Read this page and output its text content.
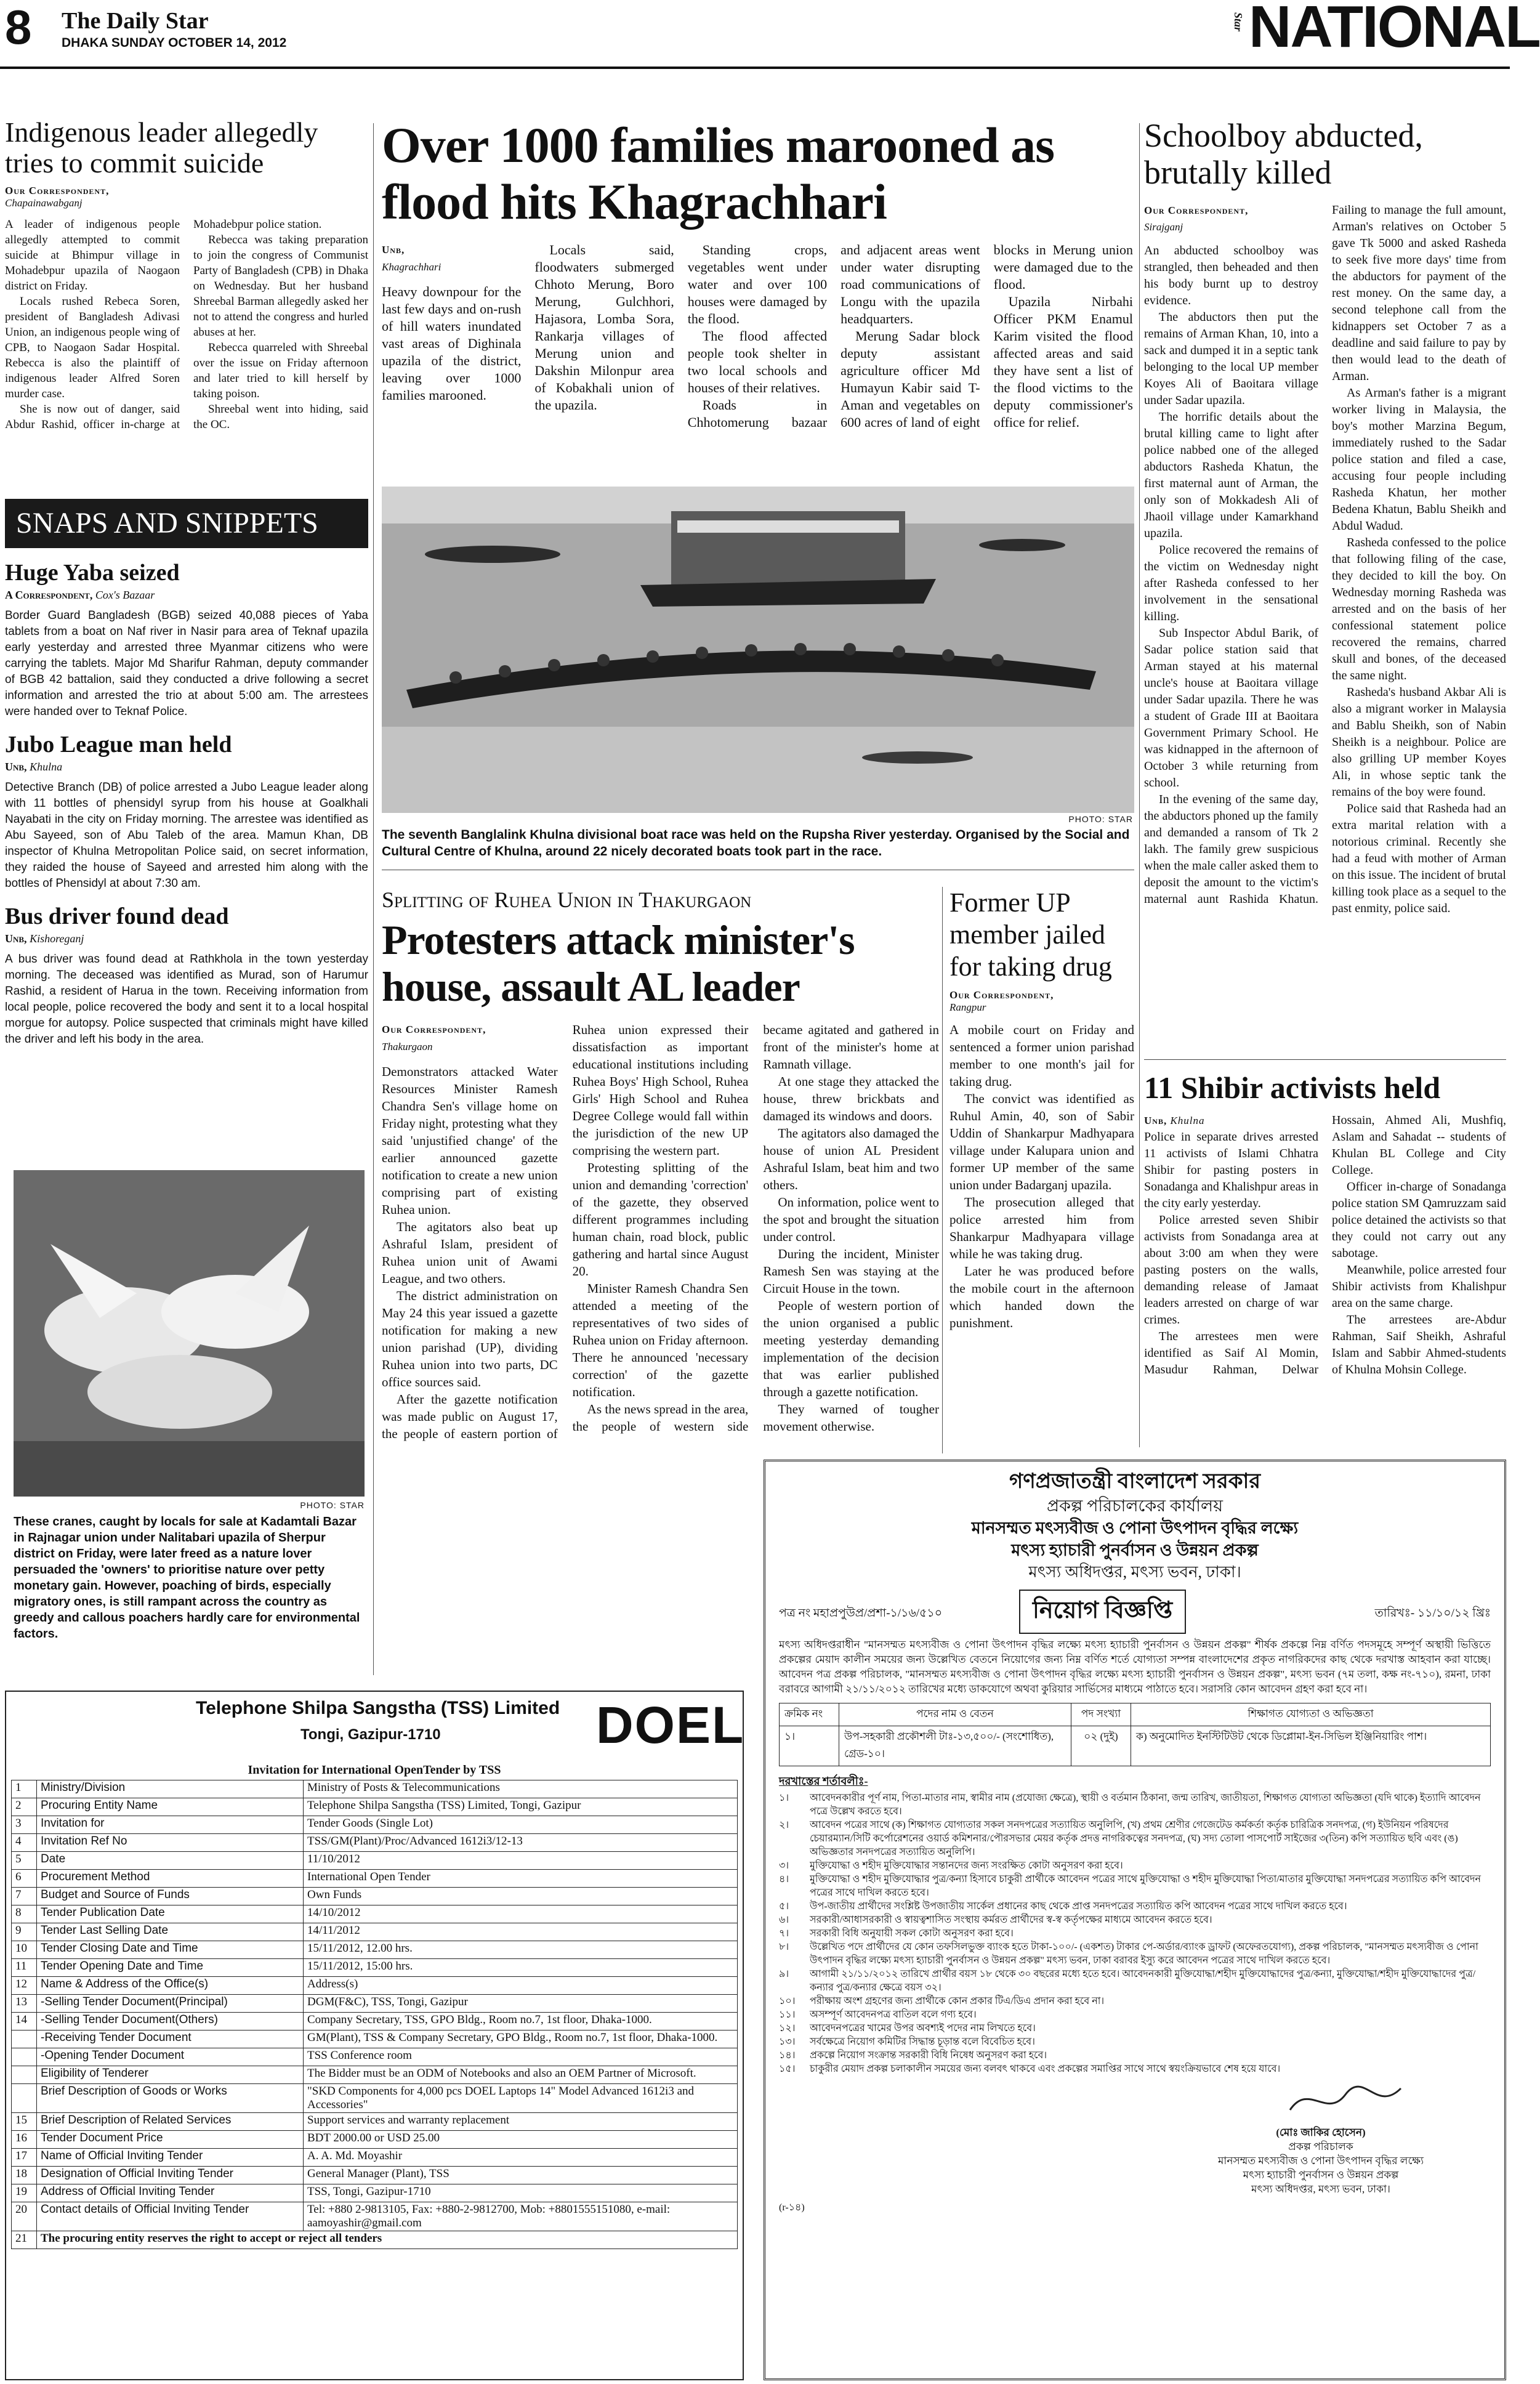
8 The Daily Star
DHAKA SUNDAY OCTOBER 14, 2012
Star NATIONAL
Indigenous leader allegedly tries to commit suicide
Our Correspondent,
Chapainawabganj

A leader of indigenous people allegedly attempted to commit suicide at Bhimpur village in Mohadebpur upazila of Naogaon district on Friday.

Locals rushed Rebeca Soren, president of Bangladesh Adivasi Union, an indigenous people wing of CPB, to Naogaon Sadar Hospital. Rebecca is also the plaintiff of indigenous leader Alfred Soren murder case.

She is now out of danger, said Abdur Rashid, officer in-charge at Mohadebpur police station.

Rebecca was taking preparation to join the congress of Communist Party of Bangladesh (CPB) in Dhaka on Wednesday. But her husband Shreebal Barman allegedly asked her not to attend the congress and hurled abuses at her.

Rebecca quarreled with Shreebal over the issue on Friday afternoon and later tried to kill herself by taking poison.

Shreebal went into hiding, said the OC.

Over 1000 families marooned as flood hits Khagrachhari
Unb,
Khagrachhari

Heavy downpour for the last few days and on-rush of hill waters inundated vast areas of Dighinala upazila of the district, leaving over 1000 families marooned.

Locals said, floodwaters submerged Chhoto Merung, Boro Merung, Gulchhori, Hajasora, Lomba Sora, Rankarja villages of Merung union and Dakshin Milonpur area of Kobakhali union of the upazila.

Standing crops, vegetables went under water and over 100 houses were damaged by the flood.

The flood affected people took shelter in two local schools and houses of their relatives.

Roads in Chhotomerung bazaar and adjacent areas went under water disrupting road communications of Longu with the upazila headquarters.

Merung Sadar block deputy assistant agriculture officer Md Humayun Kabir said T-Aman and vegetables on 600 acres of land of eight blocks in Merung union were damaged due to the flood.

Upazila Nirbahi Officer PKM Enamul Karim visited the flood affected areas and said they have sent a list of the flood victims to the deputy commissioner's office for relief.

PHOTO: STAR
The seventh Banglalink Khulna divisional boat race was held on the Rupsha River yesterday. Organised by the Social and Cultural Centre of Khulna, around 22 nicely decorated boats took part in the race.
Schoolboy abducted, brutally killed
Our Correspondent,
Sirajganj

An abducted schoolboy was strangled, then beheaded and then his body burnt up to destroy evidence.

The abductors then put the remains of Arman Khan, 10, into a sack and dumped it in a septic tank belonging to the local UP member Koyes Ali of Baoitara village under Sadar upazila.

The horrific details about the brutal killing came to light after police nabbed one of the alleged abductors Rasheda Khatun, the first maternal aunt of Arman, the only son of Mokkadesh Ali of Jhaoil village under Kamarkhand upazila.

Police recovered the remains of the victim on Wednesday night after Rasheda confessed to her involvement in the sensational killing.

Sub Inspector Abdul Barik, of Sadar police station said that Arman stayed at his maternal uncle's house at Baoitara village under Sadar upazila. There he was a student of Grade III at Baoitara Government Primary School. He was kidnapped in the afternoon of October 3 while returning from school.

In the evening of the same day, the abductors phoned up the family and demanded a ransom of Tk 2 lakh. The family grew suspicious when the male caller asked them to deposit the amount to the victim's maternal aunt Rashida Khatun. Failing to manage the full amount, Arman's relatives on October 5 gave Tk 5000 and asked Rasheda to seek five more days' time from the abductors for payment of the rest money. On the same day, a second telephone call from the kidnappers set October 7 as a deadline and said failure to pay by then would lead to the death of Arman.

As Arman's father is a migrant worker living in Malaysia, the boy's mother Marzina Begum, immediately rushed to the Sadar police station and filed a case, accusing four people including Rasheda Khatun, her mother Bedena Khatun, Bablu Sheikh and Abdul Wadud.

Rasheda confessed to the police that following filing of the case, they decided to kill the boy. On Wednesday morning Rasheda was arrested and on the basis of her confessional statement police recovered the remains, charred skull and bones, of the deceased the same night.

Rasheda's husband Akbar Ali is also a migrant worker in Malaysia and Bablu Sheikh, son of Nabin Sheikh is a neighbour. Police are also grilling UP member Koyes Ali, in whose septic tank the remains of the boy were found.

Police said that Rasheda had an extra marital relation with a notorious criminal. Recently she had a feud with mother of Arman on this issue. The incident of brutal killing took place as a sequel to the past enmity, police said.

SNAPS AND SNIPPETS
Huge Yaba seized
A Correspondent, Cox's Bazaar
Border Guard Bangladesh (BGB) seized 40,088 pieces of Yaba tablets from a boat on Naf river in Nasir para area of Teknaf upazila early yesterday and arrested three Myanmar citizens who were carrying the tablets. Major Md Sharifur Rahman, deputy commander of BGB 42 battalion, said they conducted a drive following a secret information and arrested the trio at about 5:00 am. The arrestees were handed over to Teknaf Police.
Jubo League man held
Unb, Khulna
Detective Branch (DB) of police arrested a Jubo League leader along with 11 bottles of phensidyl syrup from his house at Goalkhali Nayabati in the city on Friday morning. The arrestee was identified as Abu Sayeed, son of Abu Taleb of the area. Mamun Khan, DB inspector of Khulna Metropolitan Police said, on secret information, they raided the house of Sayeed and arrested him along with the bottles of Phensidyl at about 7:30 am.
Bus driver found dead
Unb, Kishoreganj
A bus driver was found dead at Rathkhola in the town yesterday morning. The deceased was identified as Murad, son of Harumur Rashid, a resident of Harua in the town. Receiving information from local people, police recovered the body and sent it to a local hospital morgue for autopsy. Police suspected that criminals might have killed the driver and left his body in the area.
PHOTO: STAR
These cranes, caught by locals for sale at Kadamtali Bazar in Rajnagar union under Nalitabari upazila of Sherpur district on Friday, were later freed as a nature lover persuaded the 'owners' to prioritise nature over petty monetary gain. However, poaching of birds, especially migratory ones, is still rampant across the country as greedy and callous poachers hardly care for environmental factors.
Splitting of Ruhea Union in Thakurgaon
Protesters attack minister's house, assault AL leader
Our Correspondent,
Thakurgaon

Demonstrators attacked Water Resources Minister Ramesh Chandra Sen's village home on Friday night, protesting what they said 'unjustified change' of the earlier announced gazette notification to create a new union comprising part of existing Ruhea union.

The agitators also beat up Ashraful Islam, president of Ruhea union unit of Awami League, and two others.

The district administration on May 24 this year issued a gazette notification for making a new union parishad (UP), dividing Ruhea union into two parts, DC office sources said.

After the gazette notification was made public on August 17, the people of eastern portion of Ruhea union expressed their dissatisfaction as important educational institutions including Ruhea Boys' High School, Ruhea Girls' High School and Ruhea Degree College would fall within the jurisdiction of the new UP comprising the western part.

Protesting splitting of the union and demanding 'correction' of the gazette, they observed different programmes including human chain, road block, public gathering and hartal since August 20.

Minister Ramesh Chandra Sen attended a meeting of the representatives of two sides of Ruhea union on Friday afternoon. There he announced 'necessary correction' of the gazette notification.

As the news spread in the area, the people of western side became agitated and gathered in front of the minister's home at Ramnath village.

At one stage they attacked the house, threw brickbats and damaged its windows and doors.

The agitators also damaged the house of union AL President Ashraful Islam, beat him and two others.

On information, police went to the spot and brought the situation under control.

During the incident, Minister Ramesh Sen was staying at the Circuit House in the town.

People of western portion of the union organised a public meeting yesterday demanding implementation of the decision that was earlier published through a gazette notification.

They warned of tougher movement otherwise.

Former UP member jailed for taking drug
Our Correspondent,
Rangpur

A mobile court on Friday and sentenced a former union parishad member to one month's jail for taking drug.

The convict was identified as Ruhul Amin, 40, son of Sabir Uddin of Shankarpur Madhyapara village under Kalupara union and former UP member of the same union under Badarganj upazila.

The prosecution alleged that police arrested him from Shankarpur Madhyapara village while he was taking drug.

Later he was produced before the mobile court in the afternoon which handed down the punishment.

11 Shibir activists held
Unb, Khulna

Police in separate drives arrested 11 activists of Islami Chhatra Shibir for pasting posters in Sonadanga and Khalishpur areas in the city early yesterday.

Police arrested seven Shibir activists from Sonadanga area at about 3:00 am when they were pasting posters on the walls, demanding release of Jamaat leaders arrested on charge of war crimes.

The arrestees men were identified as Saif Al Momin, Masudur Rahman, Delwar Hossain, Ahmed Ali, Mushfiq, Aslam and Sahadat -- students of Khulan BL College and City College.

Officer in-charge of Sonadanga police station SM Qamruzzam said police detained the activists so that they could not carry out any sabotage.

Meanwhile, police arrested four Shibir activists from Khalishpur area on the same charge.

The arrestees are-Abdur Rahman, Saif Sheikh, Ashraful Islam and Sabbir Ahmed-students of Khulna Mohsin College.

Telephone Shilpa Sangstha (TSS) Limited
Tongi, Gazipur-1710	DOEL
Invitation for International OpenTender by TSS
1	Ministry/Division	Ministry of Posts & Telecommunications
2	Procuring Entity Name	Telephone Shilpa Sangstha (TSS) Limited, Tongi, Gazipur
3	Invitation for	Tender Goods (Single Lot)
4	Invitation Ref No	TSS/GM(Plant)/Proc/Advanced 1612i3/12-13
5	Date	11/10/2012
6	Procurement Method	International Open Tender
7	Budget and Source of Funds	Own Funds
8	Tender Publication Date	14/10/2012
9	Tender Last Selling Date	14/11/2012
10	Tender Closing Date and Time	15/11/2012, 12.00 hrs.
11	Tender Opening Date and Time	15/11/2012, 15:00 hrs.
12	Name & Address of the Office(s)	Address(s)
13	-Selling Tender Document(Principal)	DGM(F&C), TSS, Tongi, Gazipur
14	-Selling Tender Document(Others)	Company Secretary, TSS, GPO Bldg., Room no.7, 1st floor, Dhaka-1000.
	-Receiving Tender Document	GM(Plant), TSS & Company Secretary, GPO Bldg., Room no.7, 1st floor, Dhaka-1000.
	-Opening Tender Document	TSS Conference room
	Eligibility of Tenderer	The Bidder must be an ODM of Notebooks and also an OEM Partner of Microsoft.
	Brief Description of Goods or Works	"SKD Components for 4,000 pcs DOEL Laptops 14" Model Advanced 1612i3 and Accessories"
15	Brief Description of Related Services	Support services and warranty replacement
16	Tender Document Price	BDT 2000.00 or USD 25.00
17	Name of Official Inviting Tender	A. A. Md. Moyashir
18	Designation of Official Inviting Tender	General Manager (Plant), TSS
19	Address of Official Inviting Tender	TSS, Tongi, Gazipur-1710
20	Contact details of Official Inviting Tender	Tel: +880 2-9813105, Fax: +880-2-9812700, Mob: +8801555151080, e-mail: aamoyashir@gmail.com
21	The procuring entity reserves the right to accept or reject all tenders	
গণপ্রজাতন্ত্রী বাংলাদেশ সরকার
প্রকল্প পরিচালকের কার্যালয়
মানসম্মত মৎস্যবীজ ও পোনা উৎপাদন বৃদ্ধির লক্ষ্যে
মৎস্য হ্যাচারী পুনর্বাসন ও উন্নয়ন প্রকল্প
মৎস্য অধিদপ্তর, মৎস্য ভবন, ঢাকা।
পত্র নং মহাপ্রপুউপ্র/প্রশা-১/১৬/৫১০	নিয়োগ বিজ্ঞপ্তি	তারিখঃ- ১১/১০/১২ খ্রিঃ
মৎস্য অধিদপ্তরাধীন "মানসম্মত মৎস্যবীজ ও পোনা উৎপাদন বৃদ্ধির লক্ষ্যে মৎস্য হ্যাচারী পুনর্বাসন ও উন্নয়ন প্রকল্প" শীর্ষক প্রকল্পে নিম্ন বর্ণিত পদসমূহে সম্পূর্ণ অস্থায়ী ভিত্তিতে প্রকল্পের মেয়াদ কালীন সময়ের জন্য উল্লেখিত বেতনে নিয়োগের জন্য নিম্ন বর্ণিত শর্তে যোগ্যতা সম্পন্ন বাংলাদেশের প্রকৃত নাগরিকদের কাছ থেকে দরখাস্ত আহবান করা যাচ্ছে। আবেদন পত্র প্রকল্প পরিচালক, "মানসম্মত মৎস্যবীজ ও পোনা উৎপাদন বৃদ্ধির লক্ষ্যে মৎস্য হ্যাচারী পুনর্বাসন ও উন্নয়ন প্রকল্প", মৎস্য ভবন (৭ম তলা, কক্ষ নং-৭১০), রমনা, ঢাকা বরাবরে আগামী ২১/১১/২০১২ তারিখের মধ্যে ডাকযোগে অথবা কুরিয়ার সার্ভিসের মাধ্যমে পাঠাতে হবে। সরাসরি কোন আবেদন গ্রহণ করা হবে না।
ক্রমিক নং	পদের নাম ও বেতন	পদ সংখ্যা	শিক্ষাগত যোগ্যতা ও অভিজ্ঞতা
১।	উপ-সহকারী প্রকৌশলী টাঃ-১৩,৫০০/- (সংশোধিত), গ্রেড-১০।	০২ (দুই)	ক) অনুমোদিত ইনস্টিটিউট থেকে ডিপ্লোমা-ইন-সিভিল ইঞ্জিনিয়ারিং পাশ।
দরখাস্তের শর্তাবলীঃ-
১।	আবেদনকারীর পূর্ণ নাম, পিতা-মাতার নাম, স্বামীর নাম (প্রযোজ্য ক্ষেত্রে), স্থায়ী ও বর্তমান ঠিকানা, জন্ম তারিখ, জাতীয়তা, শিক্ষাগত যোগ্যতা অভিজ্ঞতা (যদি থাকে) ইত্যাদি আবেদন পত্রে উল্লেখ করতে হবে।
২।	আবেদন পত্রের সাথে (ক) শিক্ষাগত যোগ্যতার সকল সনদপত্রের সত্যায়িত অনুলিপি, (খ) প্রথম শ্রেণীর গেজেটেড কর্মকর্তা কর্তৃক চারিত্রিক সনদপত্র, (গ) ইউনিয়ন পরিষদের চেয়ারম্যান/সিটি কর্পোরেশনের ওয়ার্ড কমিশনার/পৌরসভার মেয়র কর্তৃক প্রদত্ত নাগরিকত্বের সনদপত্র, (ঘ) সদ্য তোলা পাসপোর্ট সাইজের ৩(তিন) কপি সত্যায়িত ছবি এবং (ঙ) অভিজ্ঞতার সনদপত্রের সত্যায়িত অনুলিপি।
৩।	মুক্তিযোদ্ধা ও শহীদ মুক্তিযোদ্ধার সন্তানদের জন্য সংরক্ষিত কোটা অনুসরণ করা হবে।
৪।	মুক্তিযোদ্ধা ও শহীদ মুক্তিযোদ্ধার পুত্র/কন্যা হিসাবে চাকুরী প্রার্থীকে আবেদন পত্রের সাথে মুক্তিযোদ্ধা ও শহীদ মুক্তিযোদ্ধা পিতা/মাতার মুক্তিযোদ্ধা সনদপত্রের সত্যায়িত কপি আবেদন পত্রের সাথে দাখিল করতে হবে।
৫।	উপ-জাতীয় প্রার্থীদের সংশ্লিষ্ট উপজাতীয় সার্কেল প্রধানের কাছ থেকে প্রাপ্ত সনদপত্রের সত্যায়িত কপি আবেদন পত্রের সাথে দাখিল করতে হবে।
৬।	সরকারী/আধাসরকারী ও স্বায়ত্বশাসিত সংস্থায় কর্মরত প্রার্থীদের স্ব-স্ব কর্তৃপক্ষের মাধ্যমে আবেদন করতে হবে।
৭।	সরকারী বিধি অনুযায়ী সকল কোটা অনুসরণ করা হবে।
৮।	উল্লেখিত পদে প্রার্থীদের যে কোন তফসিলভুক্ত ব্যাংক হতে টাকা-১০০/- (একশত) টাকার পে-অর্ডার/ব্যাংক ড্রাফট (অফেরতযোগ্য), প্রকল্প পরিচালক, "মানসম্মত মৎস্যবীজ ও পোনা উৎপাদন বৃদ্ধির লক্ষ্যে মৎস্য হ্যাচারী পুনর্বাসন ও উন্নয়ন প্রকল্প" মৎস্য ভবন, ঢাকা বরাবর ইস্যু করে আবেদন পত্রের সাথে দাখিল করতে হবে।
৯।	আগামী ২১/১১/২০১২ তারিখে প্রার্থীর বয়স ১৮ থেকে ৩০ বছরের মধ্যে হতে হবে। আবেদনকারী মুক্তিযোদ্ধা/শহীদ মুক্তিযোদ্ধাদের পুত্র/কন্যা, মুক্তিযোদ্ধা/শহীদ মুক্তিযোদ্ধাদের পুত্র/কন্যার পুত্র/কন্যার ক্ষেত্রে বয়স ৩২।
১০।	পরীক্ষায় অংশ গ্রহণের জন্য প্রার্থীকে কোন প্রকার টিএ/ডিএ প্রদান করা হবে না।
১১।	অসম্পূর্ণ আবেদনপত্র বাতিল বলে গণ্য হবে।
১২।	আবেদনপত্রের খামের উপর অবশ্যই পদের নাম লিখতে হবে।
১৩।	সর্বক্ষেত্রে নিয়োগ কমিটির সিদ্ধান্ত চূড়ান্ত বলে বিবেচিত হবে।
১৪।	প্রকল্পে নিয়োগ সংক্রান্ত সরকারী বিধি নিষেধ অনুসরণ করা হবে।
১৫।	চাকুরীর মেয়াদ প্রকল্প চলাকালীন সময়ের জন্য বলবৎ থাকবে এবং প্রকল্পের সমাপ্তির সাথে সাথে স্বয়ংক্রিয়ভাবে শেষ হয়ে যাবে।
(মোঃ জাকির হোসেন)
প্রকল্প পরিচালক
মানসম্মত মৎস্যবীজ ও পোনা উৎপাদন বৃদ্ধির লক্ষ্যে
মৎস্য হ্যাচারী পুনর্বাসন ও উন্নয়ন প্রকল্প
মৎস্য অধিদপ্তর, মৎস্য ভবন, ঢাকা।
(r-১৪)
